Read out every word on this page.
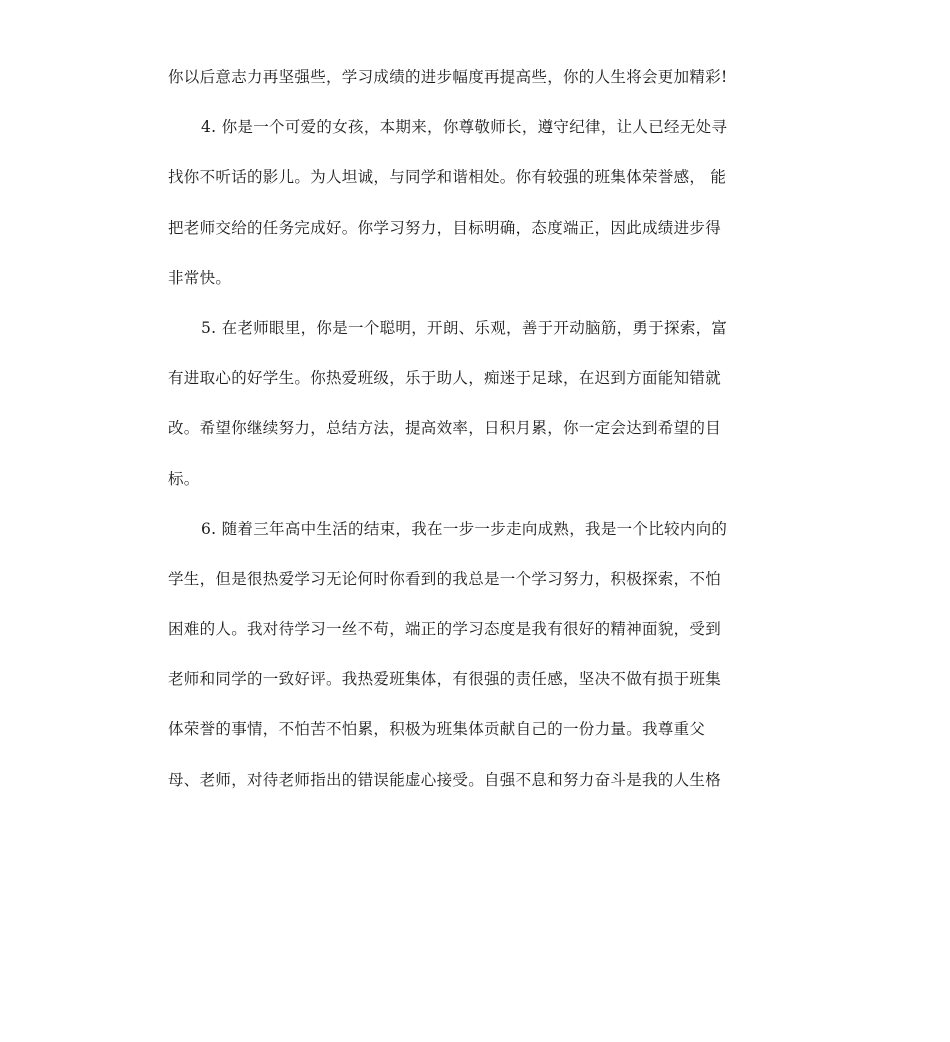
你以后意志力再坚强些，学习成绩的进步幅度再提高些，你的人生将会更加精彩!
4. 你是一个可爱的女孩，本期来，你尊敬师长，遵守纪律，让人已经无处寻
找你不听话的影儿。为人坦诚，与同学和谐相处。你有较强的班集体荣誉感， 能
把老师交给的任务完成好。你学习努力，目标明确，态度端正，因此成绩进步得
非常快。
5. 在老师眼里，你是一个聪明，开朗、乐观，善于开动脑筋，勇于探索，富
有进取心的好学生。你热爱班级，乐于助人，痴迷于足球，在迟到方面能知错就
改。希望你继续努力，总结方法，提高效率，日积月累，你一定会达到希望的目
标。
6. 随着三年高中生活的结束，我在一步一步走向成熟，我是一个比较内向的
学生，但是很热爱学习无论何时你看到的我总是一个学习努力，积极探索，不怕
困难的人。我对待学习一丝不苟，端正的学习态度是我有很好的精神面貌，受到
老师和同学的一致好评。我热爱班集体，有很强的责任感，坚决不做有损于班集
体荣誉的事情，不怕苦不怕累，积极为班集体贡献自己的一份力量。我尊重父
母、老师，对待老师指出的错误能虚心接受。自强不息和努力奋斗是我的人生格
